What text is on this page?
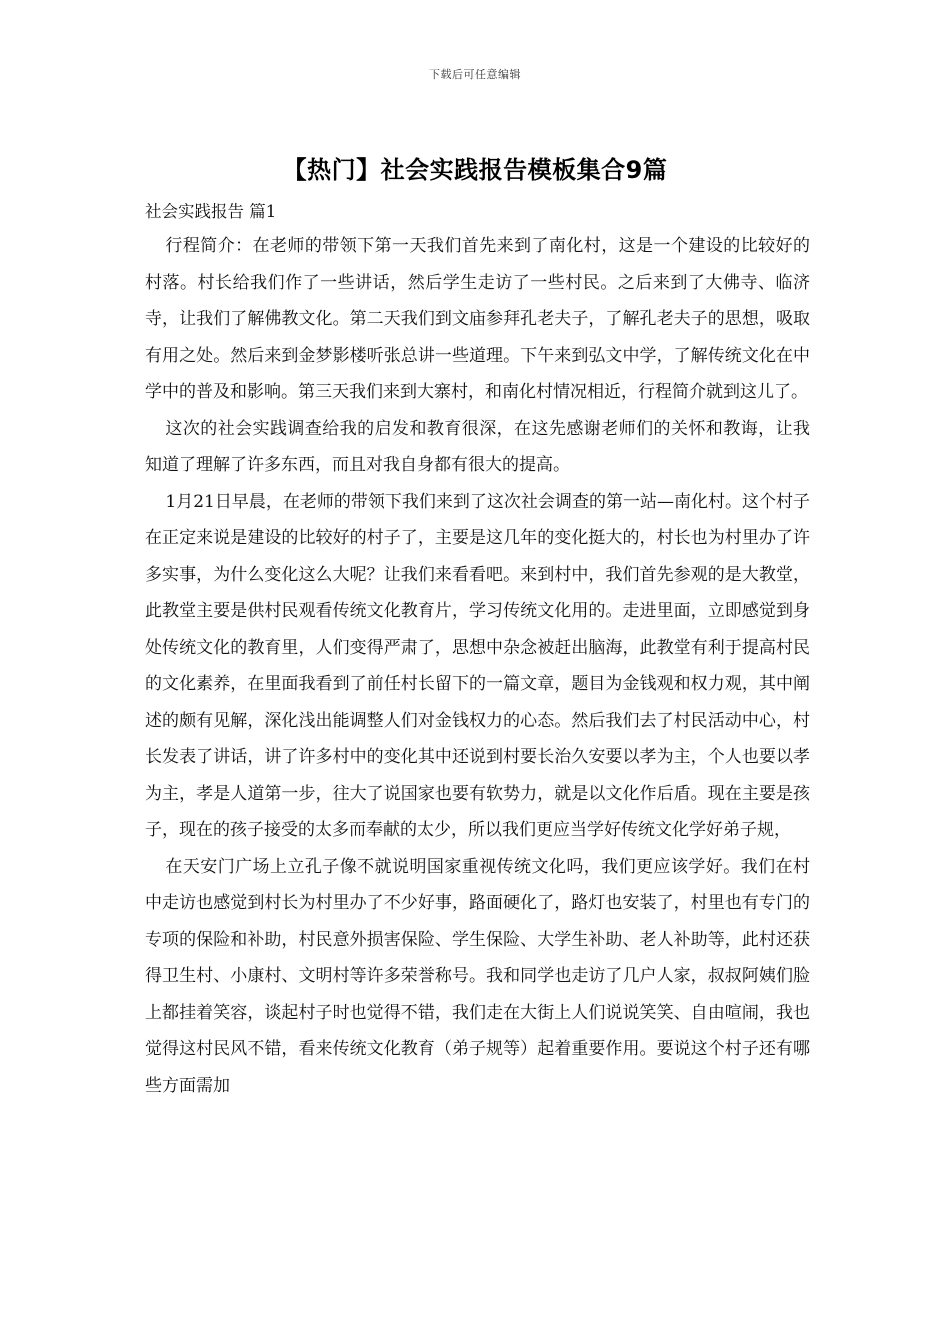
下载后可任意编辑
【热门】社会实践报告模板集合9篇

社会实践报告 篇1

行程简介：在老师的带领下第一天我们首先来到了南化村，这是一个建设的比较好的村落。村长给我们作了一些讲话，然后学生走访了一些村民。之后来到了大佛寺、临济寺，让我们了解佛教文化。第二天我们到文庙参拜孔老夫子，了解孔老夫子的思想，吸取有用之处。然后来到金梦影楼听张总讲一些道理。下午来到弘文中学，了解传统文化在中学中的普及和影响。第三天我们来到大寨村，和南化村情况相近，行程简介就到这儿了。

这次的社会实践调查给我的启发和教育很深，在这先感谢老师们的关怀和教诲，让我知道了理解了许多东西，而且对我自身都有很大的提高。

1月21日早晨，在老师的带领下我们来到了这次社会调查的第一站—南化村。这个村子在正定来说是建设的比较好的村子了，主要是这几年的变化挺大的，村长也为村里办了许多实事，为什么变化这么大呢？让我们来看看吧。来到村中，我们首先参观的是大教堂，此教堂主要是供村民观看传统文化教育片，学习传统文化用的。走进里面，立即感觉到身处传统文化的教育里，人们变得严肃了，思想中杂念被赶出脑海，此教堂有利于提高村民的文化素养，在里面我看到了前任村长留下的一篇文章，题目为金钱观和权力观，其中阐述的颇有见解，深化浅出能调整人们对金钱权力的心态。然后我们去了村民活动中心，村长发表了讲话，讲了许多村中的变化其中还说到村要长治久安要以孝为主，个人也要以孝为主，孝是人道第一步，往大了说国家也要有软势力，就是以文化作后盾。现在主要是孩子，现在的孩子接受的太多而奉献的太少，所以我们更应当学好传统文化学好弟子规，

在天安门广场上立孔子像不就说明国家重视传统文化吗，我们更应该学好。我们在村中走访也感觉到村长为村里办了不少好事，路面硬化了，路灯也安装了，村里也有专门的专项的保险和补助，村民意外损害保险、学生保险、大学生补助、老人补助等，此村还获得卫生村、小康村、文明村等许多荣誉称号。我和同学也走访了几户人家，叔叔阿姨们脸上都挂着笑容，谈起村子时也觉得不错，我们走在大街上人们说说笑笑、自由喧闹，我也觉得这村民风不错，看来传统文化教育（弟子规等）起着重要作用。要说这个村子还有哪些方面需加
